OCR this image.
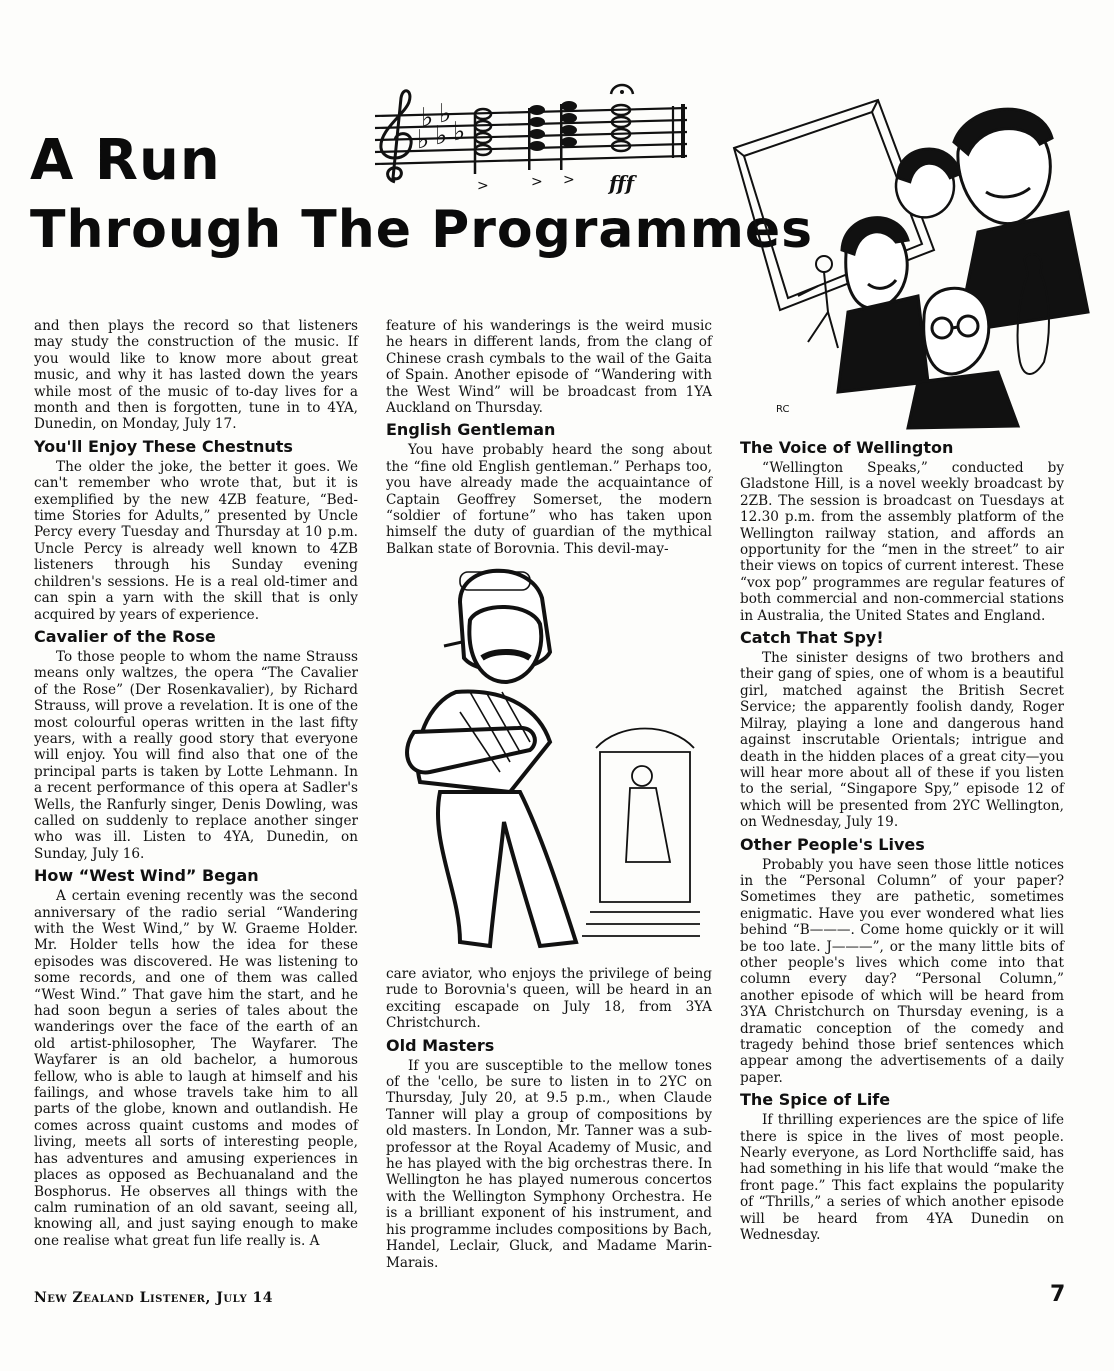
A Run
Through The Programmes
♭ ♭
♭ ♭ ♭
>	> > fff
RC

and then plays the record so that listeners may study the construction of the music. If you would like to know more about great music, and why it has lasted down the years while most of the music of to-day lives for a month and then is forgotten, tune in to 4YA, Dunedin, on Monday, July 17.

You'll Enjoy These Chestnuts

The older the joke, the better it goes. We can't remember who wrote that, but it is exemplified by the new 4ZB feature, “Bed-time Stories for Adults,” presented by Uncle Percy every Tuesday and Thursday at 10 p.m. Uncle Percy is already well known to 4ZB listeners through his Sunday evening children's sessions. He is a real old-timer and can spin a yarn with the skill that is only acquired by years of experience.

Cavalier of the Rose

To those people to whom the name Strauss means only waltzes, the opera “The Cavalier of the Rose” (Der Rosenkavalier), by Richard Strauss, will prove a revelation. It is one of the most colourful operas written in the last fifty years, with a really good story that everyone will enjoy. You will find also that one of the principal parts is taken by Lotte Lehmann. In a recent performance of this opera at Sadler's Wells, the Ranfurly singer, Denis Dowling, was called on suddenly to replace another singer who was ill. Listen to 4YA, Dunedin, on Sunday, July 16.

How “West Wind” Began

A certain evening recently was the second anniversary of the radio serial “Wandering with the West Wind,” by W. Graeme Holder. Mr. Holder tells how the idea for these episodes was discovered. He was listening to some records, and one of them was called “West Wind.” That gave him the start, and he had soon begun a series of tales about the wanderings over the face of the earth of an old artist-philosopher, The Wayfarer. The Wayfarer is an old bachelor, a humorous fellow, who is able to laugh at himself and his failings, and whose travels take him to all parts of the globe, known and outlandish. He comes across quaint customs and modes of living, meets all sorts of interesting people, has adventures and amusing experiences in places as opposed as Bechuanaland and the Bosphorus. He observes all things with the calm rumination of an old savant, seeing all, knowing all, and just saying enough to make one realise what great fun life really is. A

feature of his wanderings is the weird music he hears in different lands, from the clang of Chinese crash cymbals to the wail of the Gaita of Spain. Another episode of “Wandering with the West Wind” will be broadcast from 1YA Auckland on Thursday.

English Gentleman

You have probably heard the song about the “fine old English gentleman.” Perhaps too, you have already made the acquaintance of Captain Geoffrey Somerset, the modern “soldier of fortune” who has taken upon himself the duty of guardian of the mythical Balkan state of Borovnia. This devil-may-

care aviator, who enjoys the privilege of being rude to Borovnia's queen, will be heard in an exciting escapade on July 18, from 3YA Christchurch.

Old Masters

If you are susceptible to the mellow tones of the 'cello, be sure to listen in to 2YC on Thursday, July 20, at 9.5 p.m., when Claude Tanner will play a group of compositions by old masters. In London, Mr. Tanner was a sub-professor at the Royal Academy of Music, and he has played with the big orchestras there. In Wellington he has played numerous concertos with the Wellington Symphony Orchestra. He is a brilliant exponent of his instrument, and his programme includes compositions by Bach, Handel, Leclair, Gluck, and Madame Marin-Marais.

The Voice of Wellington

“Wellington Speaks,” conducted by Gladstone Hill, is a novel weekly broadcast by 2ZB. The session is broadcast on Tuesdays at 12.30 p.m. from the assembly platform of the Wellington railway station, and affords an opportunity for the “men in the street” to air their views on topics of current interest. These “vox pop” programmes are regular features of both commercial and non-commercial stations in Australia, the United States and England.

Catch That Spy!

The sinister designs of two brothers and their gang of spies, one of whom is a beautiful girl, matched against the British Secret Service; the apparently foolish dandy, Roger Milray, playing a lone and dangerous hand against inscrutable Orientals; intrigue and death in the hidden places of a great city—you will hear more about all of these if you listen to the serial, “Singapore Spy,” episode 12 of which will be presented from 2YC Wellington, on Wednesday, July 19.

Other People's Lives

Probably you have seen those little notices in the “Personal Column” of your paper? Sometimes they are pathetic, sometimes enigmatic. Have you ever wondered what lies behind “B———. Come home quickly or it will be too late. J———”, or the many little bits of other people's lives which come into that column every day? “Personal Column,” another episode of which will be heard from 3YA Christchurch on Thursday evening, is a dramatic conception of the comedy and tragedy behind those brief sentences which appear among the advertisements of a daily paper.

The Spice of Life

If thrilling experiences are the spice of life there is spice in the lives of most people. Nearly everyone, as Lord Northcliffe said, has had something in his life that would “make the front page.” This fact explains the popularity of “Thrills,” a series of which another episode will be heard from 4YA Dunedin on Wednesday.

New Zealand Listener, July 14	7
